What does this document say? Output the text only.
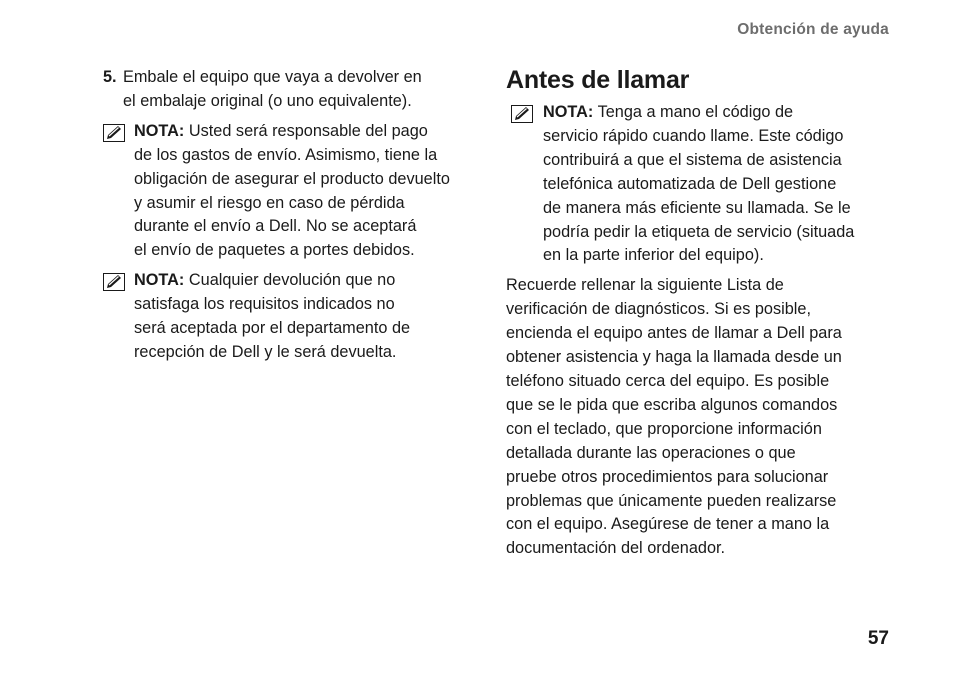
Obtención de ayuda
5. Embale el equipo que vaya a devolver en
el embalaje original (o uno equivalente).
NOTA: Usted será responsable del pago
de los gastos de envío. Asimismo, tiene la
obligación de asegurar el producto devuelto
y asumir el riesgo en caso de pérdida
durante el envío a Dell. No se aceptará
el envío de paquetes a portes debidos.
NOTA: Cualquier devolución que no
satisfaga los requisitos indicados no
será aceptada por el departamento de
recepción de Dell y le será devuelta.
Antes de llamar
NOTA: Tenga a mano el código de
servicio rápido cuando llame. Este código
contribuirá a que el sistema de asistencia
telefónica automatizada de Dell gestione
de manera más eficiente su llamada. Se le
podría pedir la etiqueta de servicio (situada
en la parte inferior del equipo).
Recuerde rellenar la siguiente Lista de
verificación de diagnósticos. Si es posible,
encienda el equipo antes de llamar a Dell para
obtener asistencia y haga la llamada desde un
teléfono situado cerca del equipo. Es posible
que se le pida que escriba algunos comandos
con el teclado, que proporcione información
detallada durante las operaciones o que
pruebe otros procedimientos para solucionar
problemas que únicamente pueden realizarse
con el equipo. Asegúrese de tener a mano la
documentación del ordenador.
57
